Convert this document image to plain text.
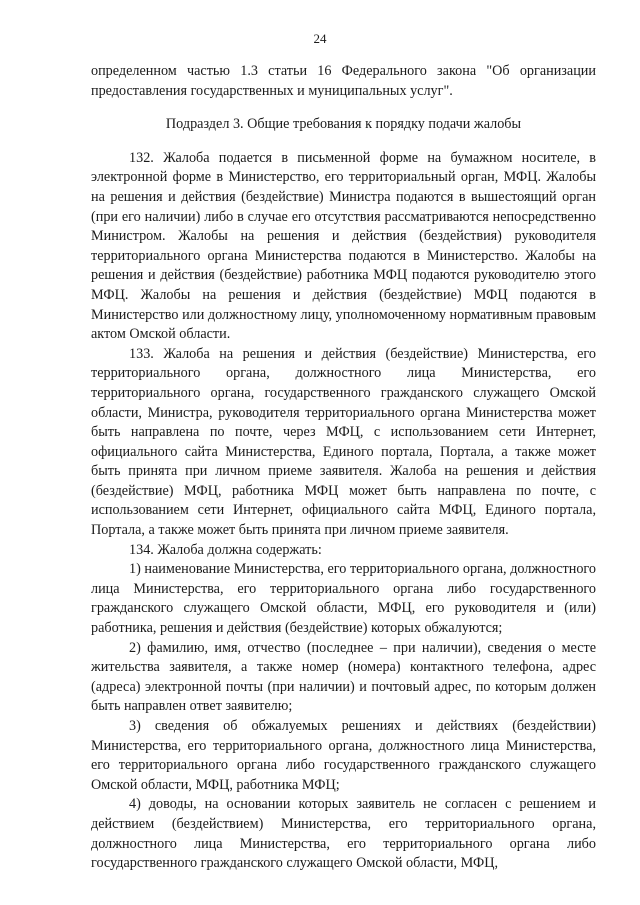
24

определенном частью 1.3 статьи 16 Федерального закона "Об организации предоставления государственных и муниципальных услуг".

Подраздел 3. Общие требования к порядку подачи жалобы

132. Жалоба подается в письменной форме на бумажном носителе, в электронной форме в Министерство, его территориальный орган, МФЦ. Жалобы на решения и действия (бездействие) Министра подаются в вышестоящий орган (при его наличии) либо в случае его отсутствия рассматриваются непосредственно Министром. Жалобы на решения и действия (бездействия) руководителя территориального органа Министерства подаются в Министерство. Жалобы на решения и действия (бездействие) работника МФЦ подаются руководителю этого МФЦ. Жалобы на решения и действия (бездействие) МФЦ подаются в Министерство или должностному лицу, уполномоченному нормативным правовым актом Омской области.

133. Жалоба на решения и действия (бездействие) Министерства, его территориального органа, должностного лица Министерства, его территориального органа, государственного гражданского служащего Омской области, Министра, руководителя территориального органа Министерства может быть направлена по почте, через МФЦ, с использованием сети Интернет, официального сайта Министерства, Единого портала, Портала, а также может быть принята при личном приеме заявителя. Жалоба на решения и действия (бездействие) МФЦ, работника МФЦ может быть направлена по почте, с использованием сети Интернет, официального сайта МФЦ, Единого портала, Портала, а также может быть принята при личном приеме заявителя.

134. Жалоба должна содержать:

1) наименование Министерства, его территориального органа, должностного лица Министерства, его территориального органа либо государственного гражданского служащего Омской области, МФЦ, его руководителя и (или) работника, решения и действия (бездействие) которых обжалуются;

2) фамилию, имя, отчество (последнее – при наличии), сведения о месте жительства заявителя, а также номер (номера) контактного телефона, адрес (адреса) электронной почты (при наличии) и почтовый адрес, по которым должен быть направлен ответ заявителю;

3) сведения об обжалуемых решениях и действиях (бездействии) Министерства, его территориального органа, должностного лица Министерства, его территориального органа либо государственного гражданского служащего Омской области, МФЦ, работника МФЦ;

4) доводы, на основании которых заявитель не согласен с решением и действием (бездействием) Министерства, его территориального органа, должностного лица Министерства, его территориального органа либо государственного гражданского служащего Омской области, МФЦ,
